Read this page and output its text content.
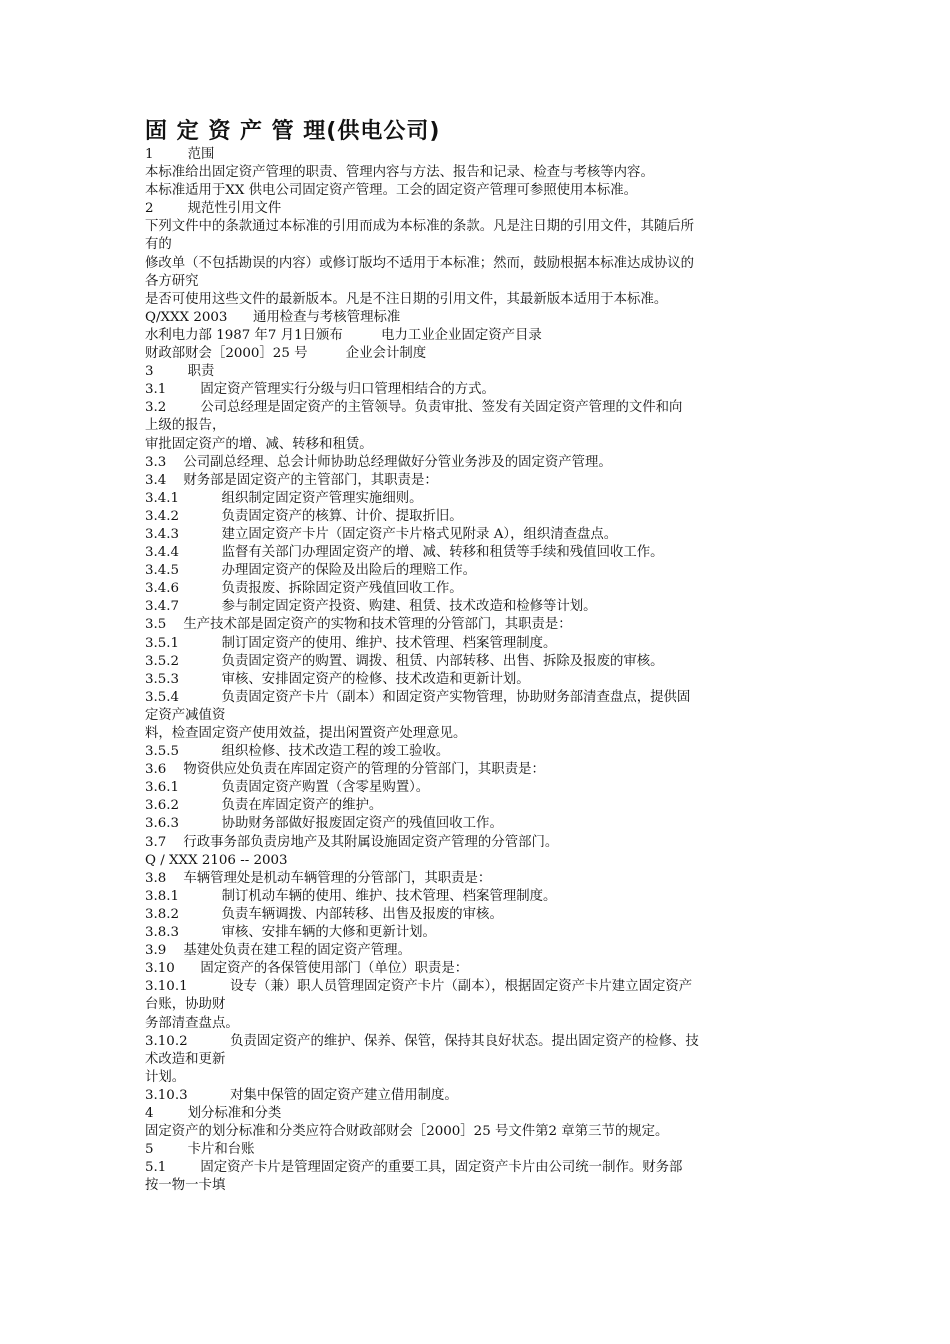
固 定 资 产 管 理(供电公司)

1        范围

本标准给出固定资产管理的职责、管理内容与方法、报告和记录、检查与考核等内容。

本标准适用于XX 供电公司固定资产管理。工会的固定资产管理可参照使用本标准。

2        规范性引用文件

下列文件中的条款通过本标准的引用而成为本标准的条款。凡是注日期的引用文件，其随后所

有的

修改单（不包括勘误的内容）或修订版均不适用于本标准；然而，鼓励根据本标准达成协议的

各方研究

是否可使用这些文件的最新版本。凡是不注日期的引用文件，其最新版本适用于本标准。

Q/XXX 2003      通用检查与考核管理标准

水利电力部 1987 年7 月1日颁布         电力工业企业固定资产目录

财政部财会［2000］25 号         企业会计制度

3        职责

3.1        固定资产管理实行分级与归口管理相结合的方式。

3.2        公司总经理是固定资产的主管领导。负责审批、签发有关固定资产管理的文件和向

上级的报告，

审批固定资产的增、减、转移和租赁。

3.3    公司副总经理、总会计师协助总经理做好分管业务涉及的固定资产管理。

3.4    财务部是固定资产的主管部门，其职责是：

3.4.1          组织制定固定资产管理实施细则。

3.4.2          负责固定资产的核算、计价、提取折旧。

3.4.3          建立固定资产卡片（固定资产卡片格式见附录 A），组织清查盘点。

3.4.4          监督有关部门办理固定资产的增、减、转移和租赁等手续和残值回收工作。

3.4.5          办理固定资产的保险及出险后的理赔工作。

3.4.6          负责报废、拆除固定资产残值回收工作。

3.4.7          参与制定固定资产投资、购建、租赁、技术改造和检修等计划。

3.5    生产技术部是固定资产的实物和技术管理的分管部门，其职责是：

3.5.1          制订固定资产的使用、维护、技术管理、档案管理制度。

3.5.2          负责固定资产的购置、调拨、租赁、内部转移、出售、拆除及报废的审核。

3.5.3          审核、安排固定资产的检修、技术改造和更新计划。

3.5.4          负责固定资产卡片（副本）和固定资产实物管理，协助财务部清查盘点，提供固

定资产减值资

料，检查固定资产使用效益，提出闲置资产处理意见。

3.5.5          组织检修、技术改造工程的竣工验收。

3.6    物资供应处负责在库固定资产的管理的分管部门，其职责是：

3.6.1          负责固定资产购置（含零星购置）。

3.6.2          负责在库固定资产的维护。

3.6.3          协助财务部做好报废固定资产的残值回收工作。

3.7    行政事务部负责房地产及其附属设施固定资产管理的分管部门。

Q / XXX 2106 -- 2003

3.8    车辆管理处是机动车辆管理的分管部门，其职责是：

3.8.1          制订机动车辆的使用、维护、技术管理、档案管理制度。

3.8.2          负责车辆调拨、内部转移、出售及报废的审核。

3.8.3          审核、安排车辆的大修和更新计划。

3.9    基建处负责在建工程的固定资产管理。

3.10      固定资产的各保管使用部门（单位）职责是：

3.10.1          设专（兼）职人员管理固定资产卡片（副本），根据固定资产卡片建立固定资产

台账，协助财

务部清查盘点。

3.10.2          负责固定资产的维护、保养、保管，保持其良好状态。提出固定资产的检修、技

术改造和更新

计划。

3.10.3          对集中保管的固定资产建立借用制度。

4        划分标准和分类

固定资产的划分标准和分类应符合财政部财会［2000］25 号文件第2 章第三节的规定。

5        卡片和台账

5.1        固定资产卡片是管理固定资产的重要工具，固定资产卡片由公司统一制作。财务部

按一物一卡填
